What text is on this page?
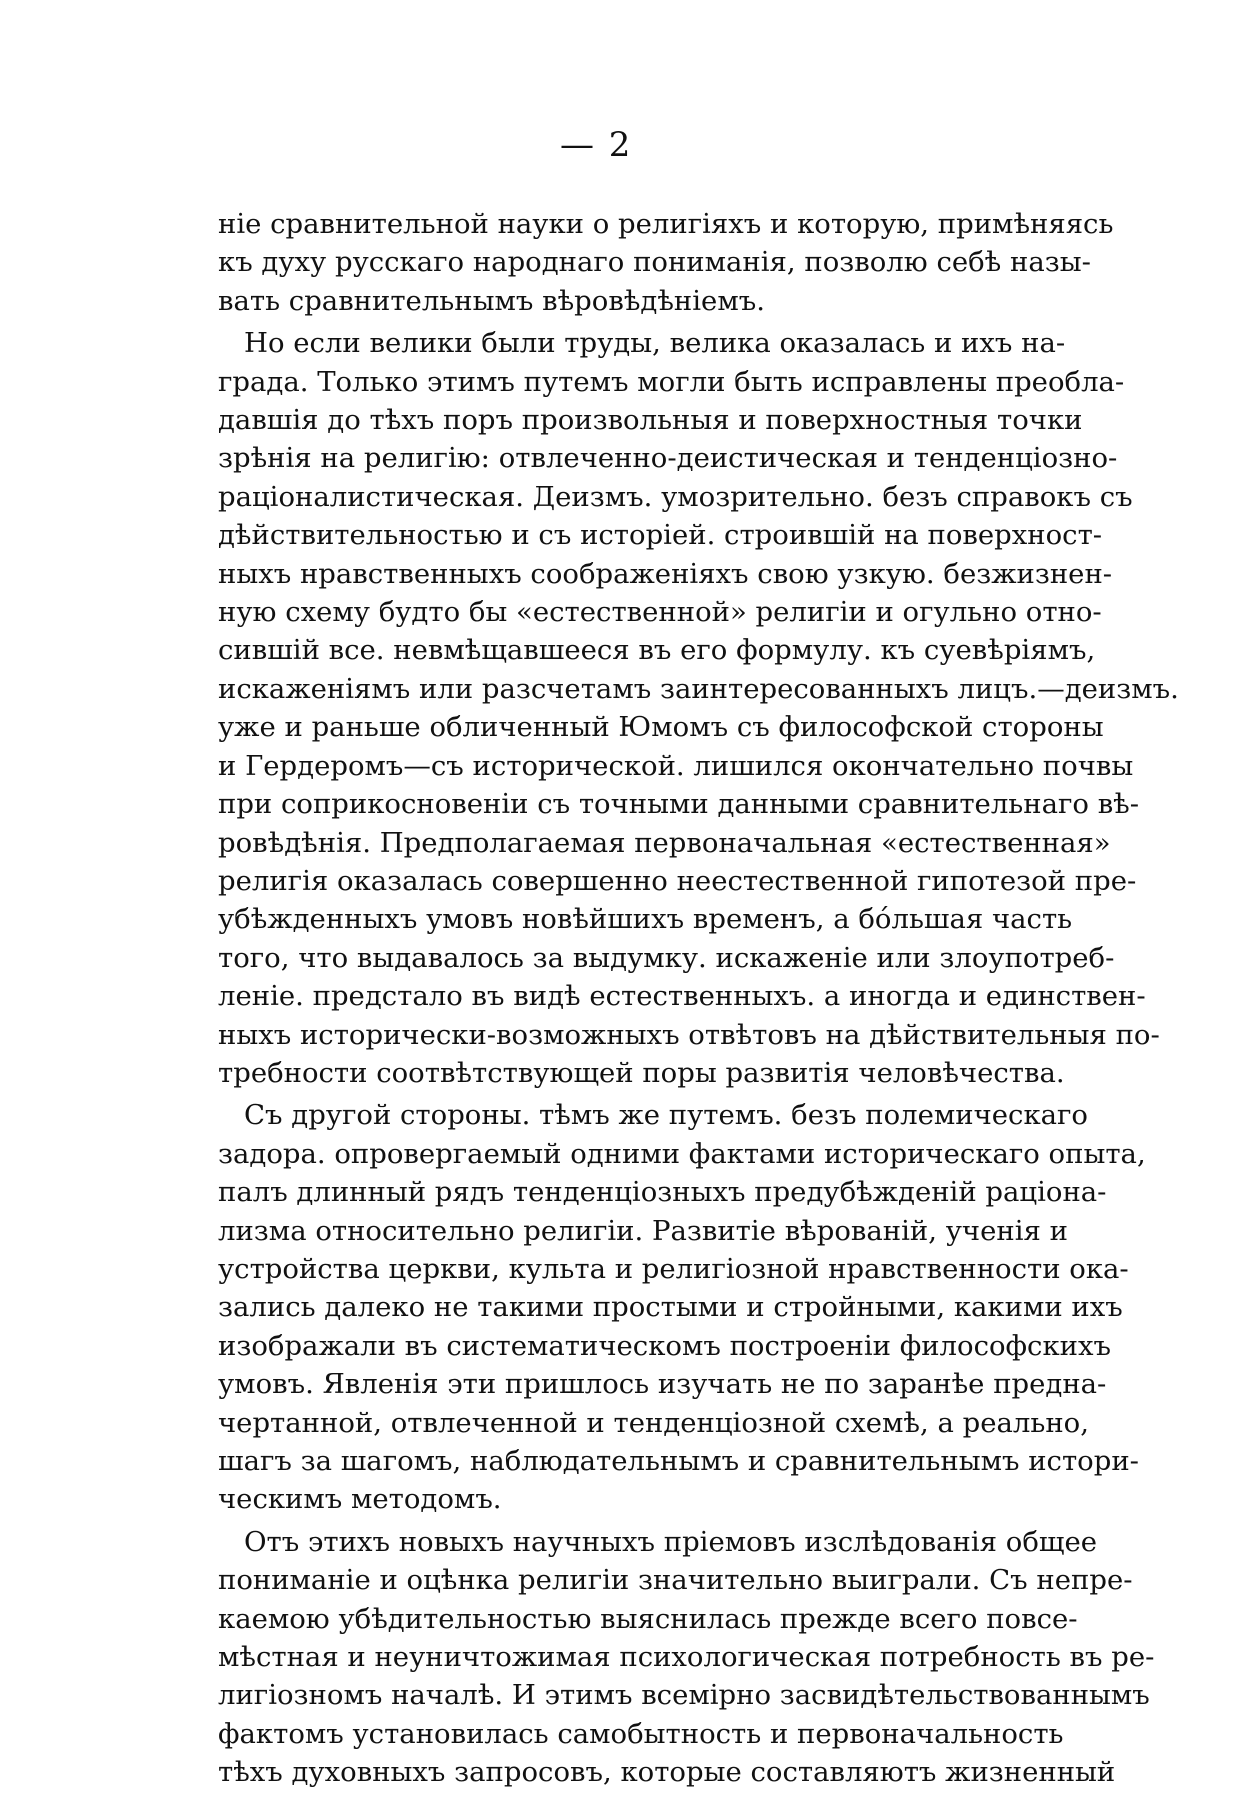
— 2

ніе сравнительной науки о религіяхъ и которую, примѣняясь
къ духу русскаго народнаго пониманія, позволю себѣ назы-
вать сравнительнымъ вѣровѣдѣніемъ.

Но если велики были труды, велика оказалась и ихъ на-
града. Только этимъ путемъ могли быть исправлены преобла-
давшія до тѣхъ поръ произвольныя и поверхностныя точки
зрѣнія на религію: отвлеченно-деистическая и тенденціозно-
раціоналистическая. Деизмъ. умозрительно. безъ справокъ съ
дѣйствительностью и съ исторіей. строившій на поверхност-
ныхъ нравственныхъ соображеніяхъ свою узкую. безжизнен-
ную схему будто бы «естественной» религіи и огульно отно-
сившій все. невмѣщавшееся въ его формулу. къ суевѣріямъ,
искаженіямъ или разсчетамъ заинтересованныхъ лицъ.—деизмъ.
уже и раньше обличенный Юмомъ съ философской стороны
и Гердеромъ—съ исторической. лишился окончательно почвы
при соприкосновеніи съ точными данными сравнительнаго вѣ-
ровѣдѣнія. Предполагаемая первоначальная «естественная»
религія оказалась совершенно неестественной гипотезой пре-
убѣжденныхъ умовъ новѣйшихъ временъ, а бо́льшая часть
того, что выдавалось за выдумку. искаженіе или злоупотреб-
леніе. предстало въ видѣ естественныхъ. а иногда и единствен-
ныхъ исторически-возможныхъ отвѣтовъ на дѣйствительныя по-
требности соотвѣтствующей поры развитія человѣчества.

Съ другой стороны. тѣмъ же путемъ. безъ полемическаго
задора. опровергаемый одними фактами историческаго опыта,
палъ длинный рядъ тенденціозныхъ предубѣжденій раціона-
лизма относительно религіи. Развитіе вѣрованій, ученія и
устройства церкви, культа и религіозной нравственности ока-
зались далеко не такими простыми и стройными, какими ихъ
изображали въ систематическомъ построеніи философскихъ
умовъ. Явленія эти пришлось изучать не по заранѣе предна-
чертанной, отвлеченной и тенденціозной схемѣ, а реально,
шагъ за шагомъ, наблюдательнымъ и сравнительнымъ истори-
ческимъ методомъ.

Отъ этихъ новыхъ научныхъ пріемовъ изслѣдованія общее
пониманіе и оцѣнка религіи значительно выиграли. Съ непре-
каемою убѣдительностью выяснилась прежде всего повсе-
мѣстная и неуничтожимая психологическая потребность въ ре-
лигіозномъ началѣ. И этимъ всемірно засвидѣтельствованнымъ
фактомъ установилась самобытность и первоначальность
тѣхъ духовныхъ запросовъ, которые составляютъ жизненный
